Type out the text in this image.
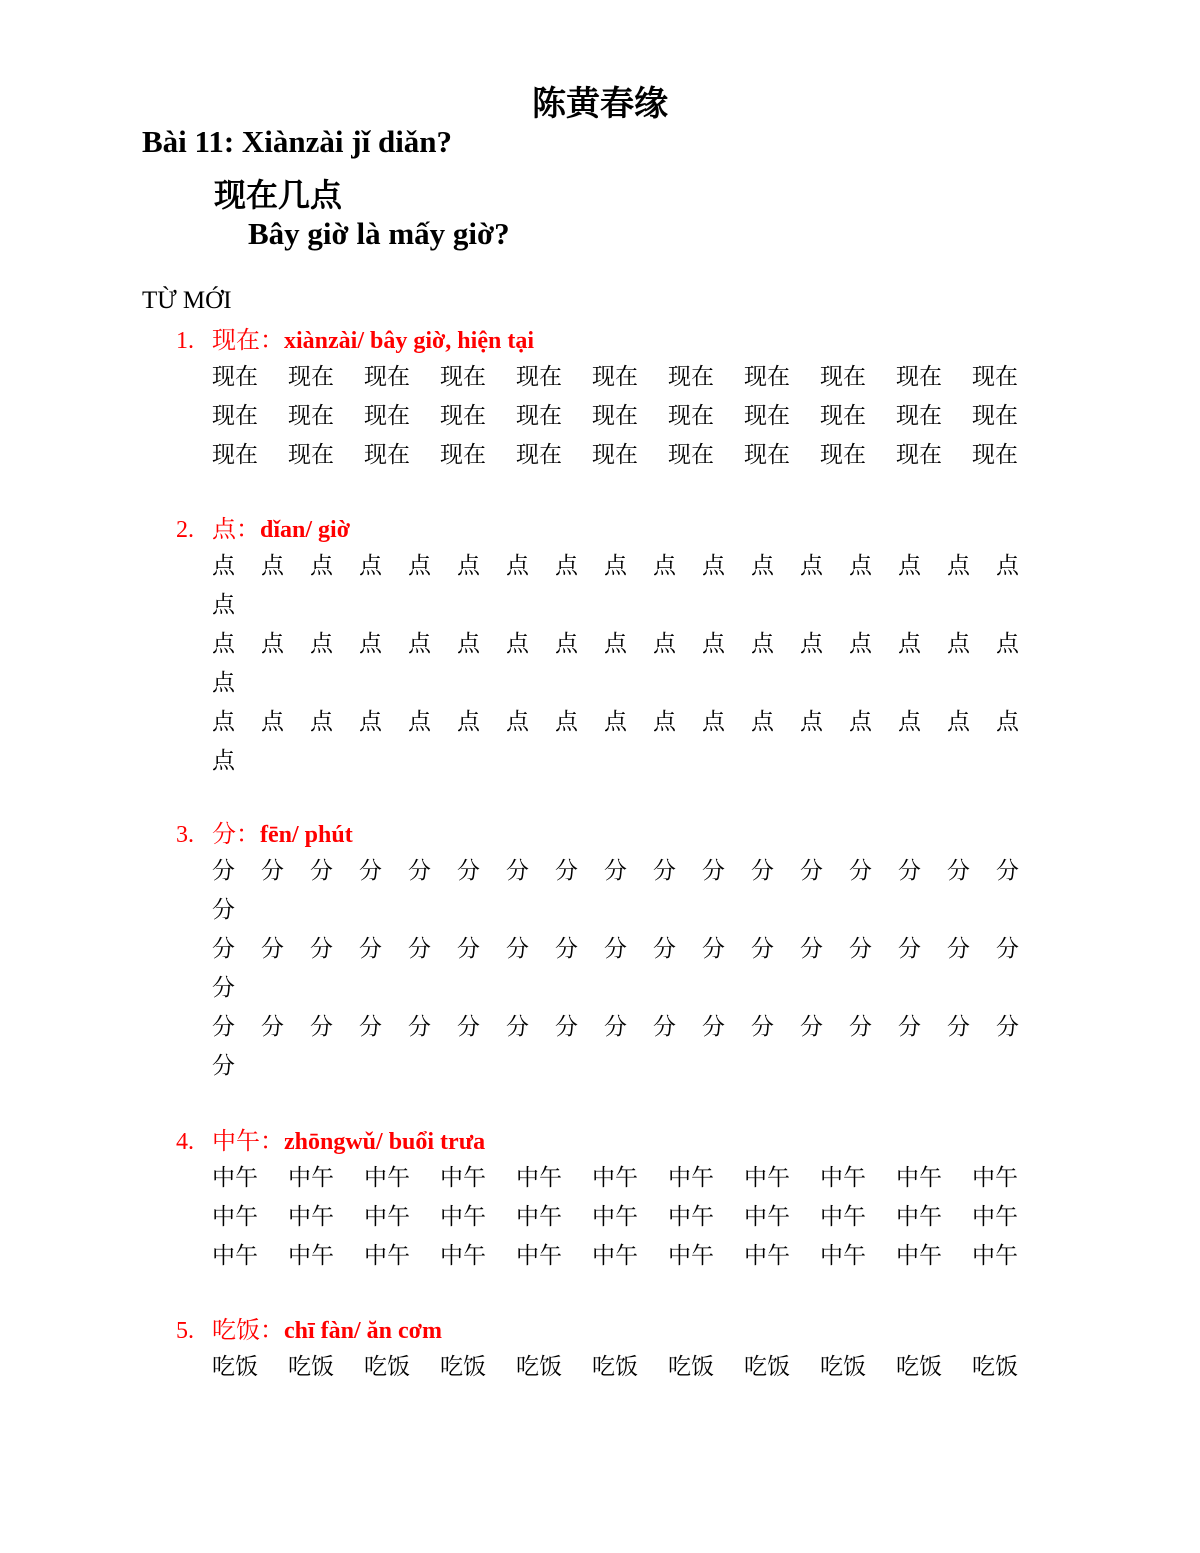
陈黄春缘
Bài 11: Xiànzài jǐ diǎn?
现在几点
Bây giờ là mấy giờ?
TỪ MỚI
1. 现在：xiànzài/ bây giờ, hiện tại
现在 现在 现在 现在 现在 现在 现在 现在 现在 现在 现在
现在 现在 现在 现在 现在 现在 现在 现在 现在 现在 现在
现在 现在 现在 现在 现在 现在 现在 现在 现在 现在 现在
2. 点：dǐan/ giờ
点 点 点 点 点 点 点 点 点 点 点 点 点 点 点 点 点
点
点 点 点 点 点 点 点 点 点 点 点 点 点 点 点 点 点
点
点 点 点 点 点 点 点 点 点 点 点 点 点 点 点 点 点
点
3. 分：fēn/ phút
分 分 分 分 分 分 分 分 分 分 分 分 分 分 分 分 分
分
分 分 分 分 分 分 分 分 分 分 分 分 分 分 分 分 分
分
分 分 分 分 分 分 分 分 分 分 分 分 分 分 分 分 分
分
4. 中午：zhōngwǔ/ buổi trưa
中午 中午 中午 中午 中午 中午 中午 中午 中午 中午 中午
中午 中午 中午 中午 中午 中午 中午 中午 中午 中午 中午
中午 中午 中午 中午 中午 中午 中午 中午 中午 中午 中午
5. 吃饭：chī fàn/ ăn cơm
吃饭 吃饭 吃饭 吃饭 吃饭 吃饭 吃饭 吃饭 吃饭 吃饭 吃饭
